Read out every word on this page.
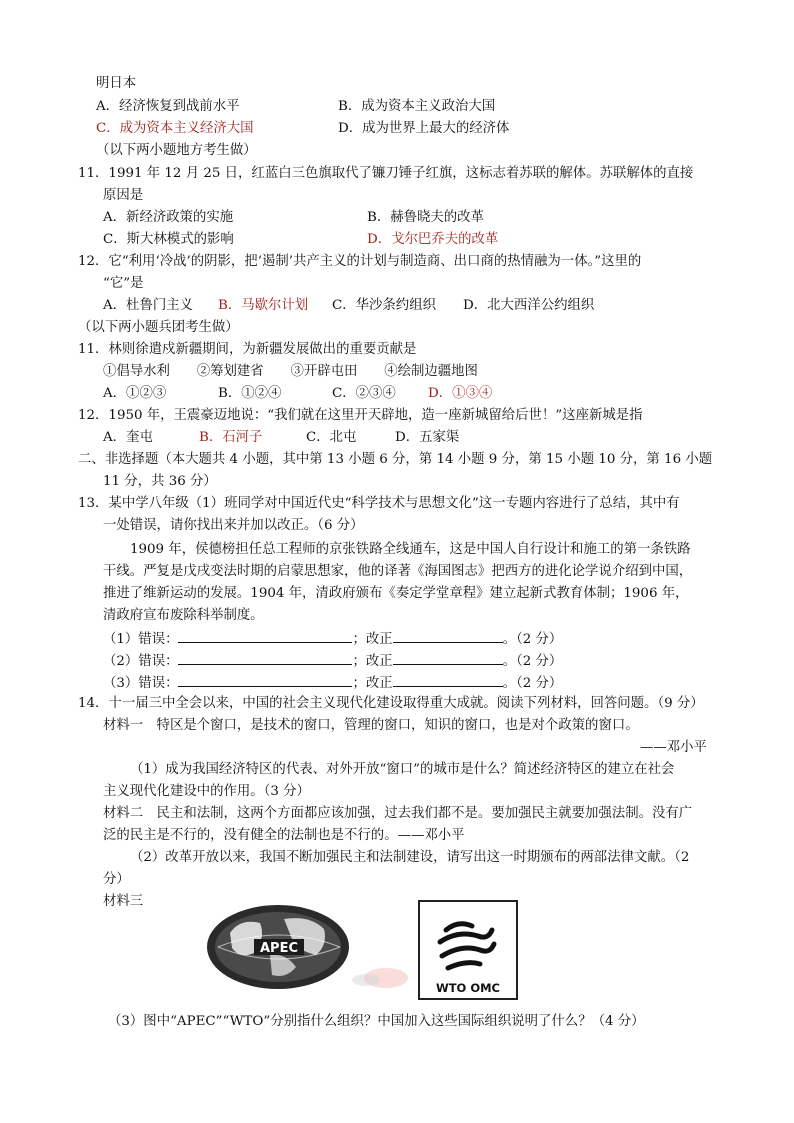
明日本
A．经济恢复到战前水平	B．成为资本主义政治大国
C．成为资本主义经济大国	D．成为世界上最大的经济体
（以下两小题地方考生做）
11．1991 年 12 月 25 日，红蓝白三色旗取代了镰刀锤子红旗，这标志着苏联的解体。苏联解体的直接
原因是
A．新经济政策的实施	B．赫鲁晓夫的改革
C．斯大林模式的影响	D．戈尔巴乔夫的改革
12．它“利用‘冷战’的阴影，把‘遏制’共产主义的计划与制造商、出口商的热情融为一体。”这里的
“它”是
A．杜鲁门主义 B．马歇尔计划 C．华沙条约组织 D．北大西洋公约组织
（以下两小题兵团考生做）
11．林则徐遣戍新疆期间，为新疆发展做出的重要贡献是
①倡导水利　　②筹划建省　　③开辟屯田　　④绘制边疆地图
A．①②③	B．①②④	C．②③④ D．①③④
12．1950 年，王震豪迈地说：“我们就在这里开天辟地，造一座新城留给后世！”这座新城是指
A．奎屯	B．石河子	C．北屯	D．五家渠
二、非选择题（本大题共 4 小题，其中第 13 小题 6 分，第 14 小题 9 分，第 15 小题 10 分，第 16 小题
11 分，共 36 分）
13．某中学八年级（1）班同学对中国近代史“科学技术与思想文化”这一专题内容进行了总结，其中有
一处错误，请你找出来并加以改正。（6 分）
1909 年，侯德榜担任总工程师的京张铁路全线通车，这是中国人自行设计和施工的第一条铁路
干线。严复是戊戌变法时期的启蒙思想家，他的译著《海国图志》把西方的进化论学说介绍到中国，
推进了维新运动的发展。1904 年，清政府颁布《奏定学堂章程》建立起新式教育体制；1906 年，
清政府宣布废除科举制度。
（1）错误：	；改正	。（2 分）
（2）错误：	；改正	。（2 分）
（3）错误：	；改正	。（2 分）
14．十一届三中全会以来，中国的社会主义现代化建设取得重大成就。阅读下列材料，回答问题。（9 分）
材料一　特区是个窗口，是技术的窗口，管理的窗口，知识的窗口，也是对个政策的窗口。
——邓小平
（1）成为我国经济特区的代表、对外开放“窗口”的城市是什么？简述经济特区的建立在社会
主义现代化建设中的作用。（3 分）
材料二　民主和法制，这两个方面都应该加强，过去我们都不是。要加强民主就要加强法制。没有广
泛的民主是不行的，没有健全的法制也是不行的。——邓小平
（2）改革开放以来，我国不断加强民主和法制建设，请写出这一时期颁布的两部法律文献。（2
分）
材料三
APEC
WTO OMC
（3）图中“APEC”“WTO”分别指什么组织？中国加入这些国际组织说明了什么？（4 分）
